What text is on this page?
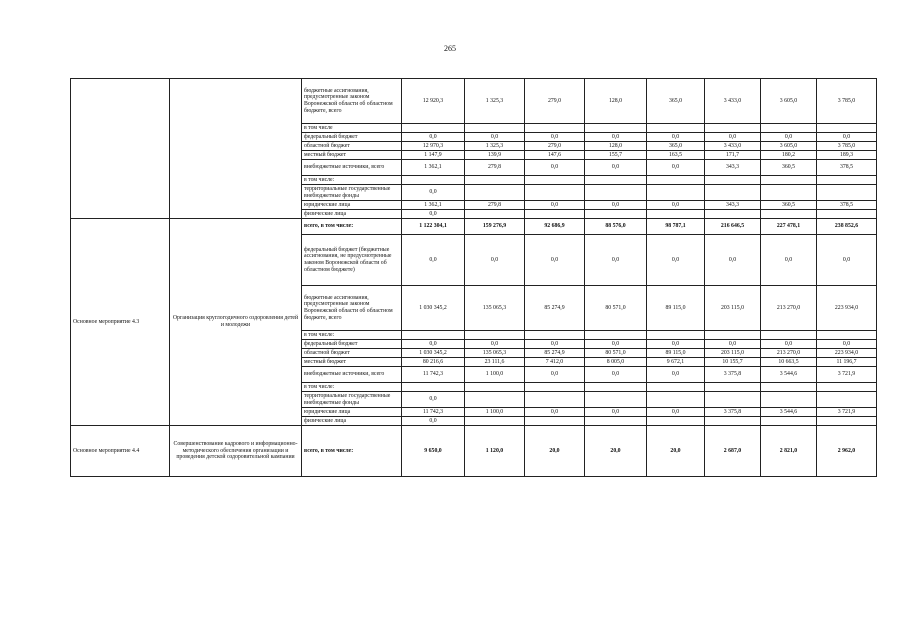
265
		бюджетные ассигнования, предусмотренные законом Воронежской области об областном бюджете, всего	12 920,3	1 325,3	279,0	128,0	365,0	3 433,0	3 605,0	3 785,0
		в том числе								
		федеральный бюджет	0,0	0,0	0,0	0,0	0,0	0,0	0,0	0,0
		областной бюджет	12 970,3	1 325,3	279,0	128,0	365,0	3 433,0	3 605,0	3 785,0
		местный бюджет	1 147,9	139,9	147,6	155,7	163,5	171,7	180,2	189,3
		внебюджетные источники, всего	1 362,1	279,8	0,0	0,0	0,0	343,3	360,5	378,5
		в том числе:								
		территориальные государственные внебюджетные фонды	0,0							
		юридические лица	1 362,1	279,8	0,0	0,0	0,0	343,3	360,5	378,5
		физические лица	0,0							
Основное мероприятие 4.3	Организация круглогодичного оздоровления детей и молодежи	всего, в том числе:	1 122 304,1	159 276,9	92 686,9	88 576,0	98 787,1	216 646,5	227 478,1	238 852,6
		федеральный бюджет (бюджетные ассигнования, не предусмотренные законом Воронежской области об областном бюджете)	0,0	0,0	0,0	0,0	0,0	0,0	0,0	0,0
		бюджетные ассигнования, предусмотренные законом Воронежской области об областном бюджете, всего	1 030 345,2	135 065,3	85 274,9	80 571,0	89 115,0	203 115,0	213 270,0	223 934,0
		в том числе:								
		федеральный бюджет	0,0	0,0	0,0	0,0	0,0	0,0	0,0	0,0
		областной бюджет	1 030 345,2	135 065,3	85 274,9	80 571,0	89 115,0	203 115,0	213 270,0	223 934,0
		местный бюджет	80 216,6	23 111,6	7 412,0	8 005,0	9 672,1	10 155,7	10 663,5	11 196,7
		внебюджетные источники, всего	11 742,3	1 100,0	0,0	0,0	0,0	3 375,8	3 544,6	3 721,9
		в том числе:								
		территориальные государственные внебюджетные фонды	0,0							
		юридические лица	11 742,3	1 100,0	0,0	0,0	0,0	3 375,8	3 544,6	3 721,9
		физические лица	0,0							
Основное мероприятие 4.4	Совершенствование кадрового и информационно-методического обеспечения организации и проведения детской оздоровительной кампании	всего, в том числе:	9 650,0	1 120,0	20,0	20,0	20,0	2 687,0	2 821,0	2 962,0
